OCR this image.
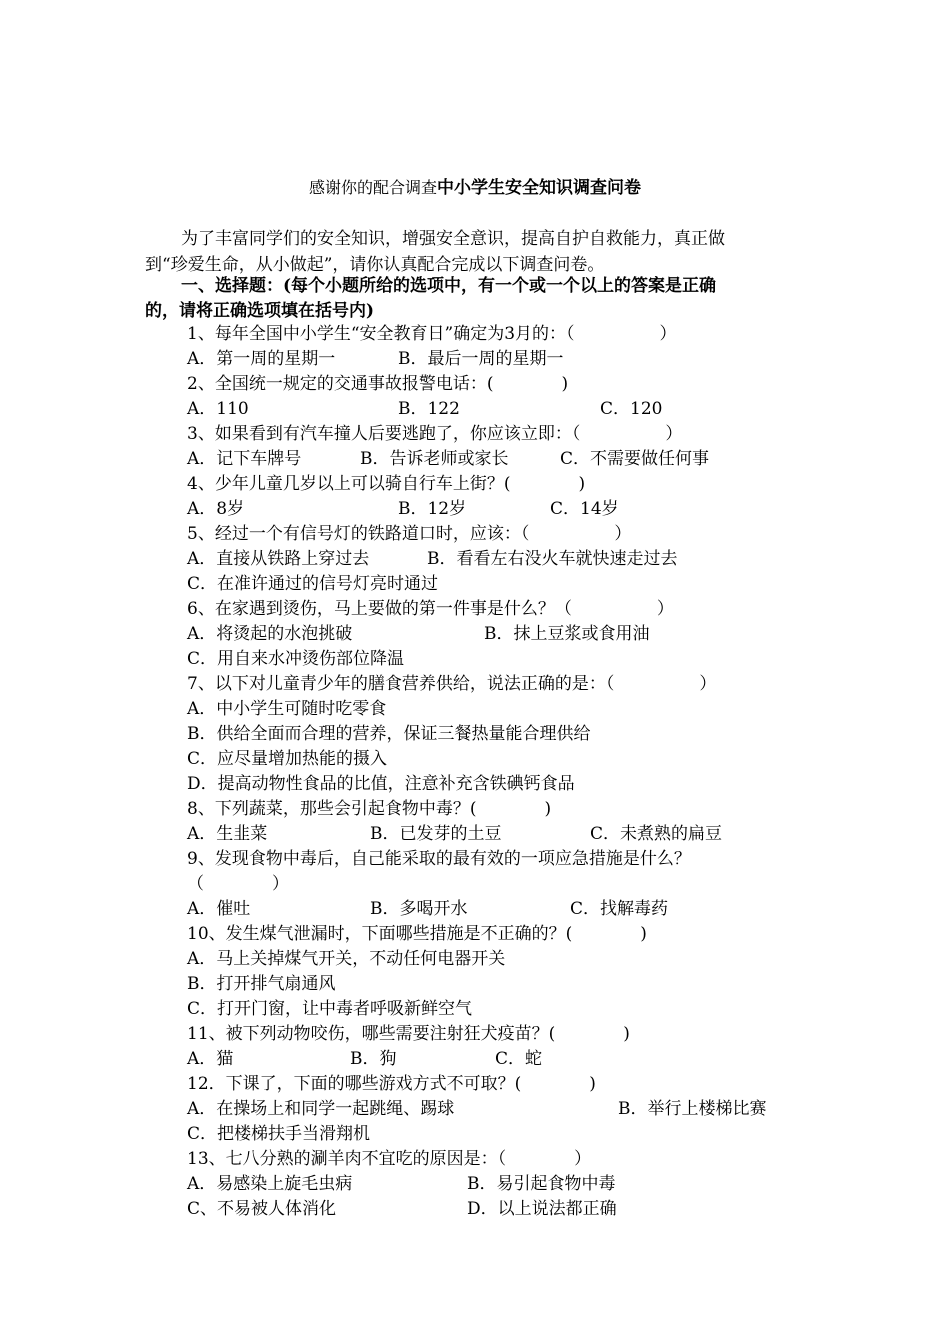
感谢你的配合调查中小学生安全知识调查问卷
为了丰富同学们的安全知识，增强安全意识，提高自护自救能力，真正做
到“珍爱生命，从小做起”，请你认真配合完成以下调查问卷。
一、选择题：(每个小题所给的选项中，有一个或一个以上的答案是正确
的，请将正确选项填在括号内)
1、每年全国中小学生“安全教育日”确定为3月的：（　　　　　）
A．第一周的星期一	B．最后一周的星期一
2、全国统一规定的交通事故报警电话：(　　　　)
A．110	B．122	C．120
3、如果看到有汽车撞人后要逃跑了，你应该立即：（　　　　　）
A．记下车牌号	B．告诉老师或家长	C．不需要做任何事
4、少年儿童几岁以上可以骑自行车上街？(　　　　)
A．8岁	B．12岁	C．14岁
5、经过一个有信号灯的铁路道口时，应该：（　　　　　）
A．直接从铁路上穿过去	B．看看左右没火车就快速走过去
C．在准许通过的信号灯亮时通过
6、在家遇到烫伤，马上要做的第一件事是什么？（　　　　　）
A．将烫起的水泡挑破	B．抹上豆浆或食用油
C．用自来水冲烫伤部位降温
7、以下对儿童青少年的膳食营养供给，说法正确的是：（　　　　　）
A．中小学生可随时吃零食
B．供给全面而合理的营养，保证三餐热量能合理供给
C．应尽量增加热能的摄入
D．提高动物性食品的比值，注意补充含铁碘钙食品
8、下列蔬菜，那些会引起食物中毒？(　　　　)
A．生韭菜	B．已发芽的土豆	C．未煮熟的扁豆
9、发现食物中毒后，自己能采取的最有效的一项应急措施是什么？（　　　　）
A．催吐	B．多喝开水	C．找解毒药
10、发生煤气泄漏时，下面哪些措施是不正确的？(　　　　)
A．马上关掉煤气开关，不动任何电器开关
B．打开排气扇通风
C．打开门窗，让中毒者呼吸新鲜空气
11、被下列动物咬伤，哪些需要注射狂犬疫苗？(　　　　)
A．猫	B．狗	C．蛇
12．下课了，下面的哪些游戏方式不可取？(　　　　)
A．在操场上和同学一起跳绳、踢球	B．举行上楼梯比赛
C．把楼梯扶手当滑翔机
13、七八分熟的涮羊肉不宜吃的原因是：（　　　　）
A．易感染上旋毛虫病	B．易引起食物中毒
C、不易被人体消化	D．以上说法都正确
